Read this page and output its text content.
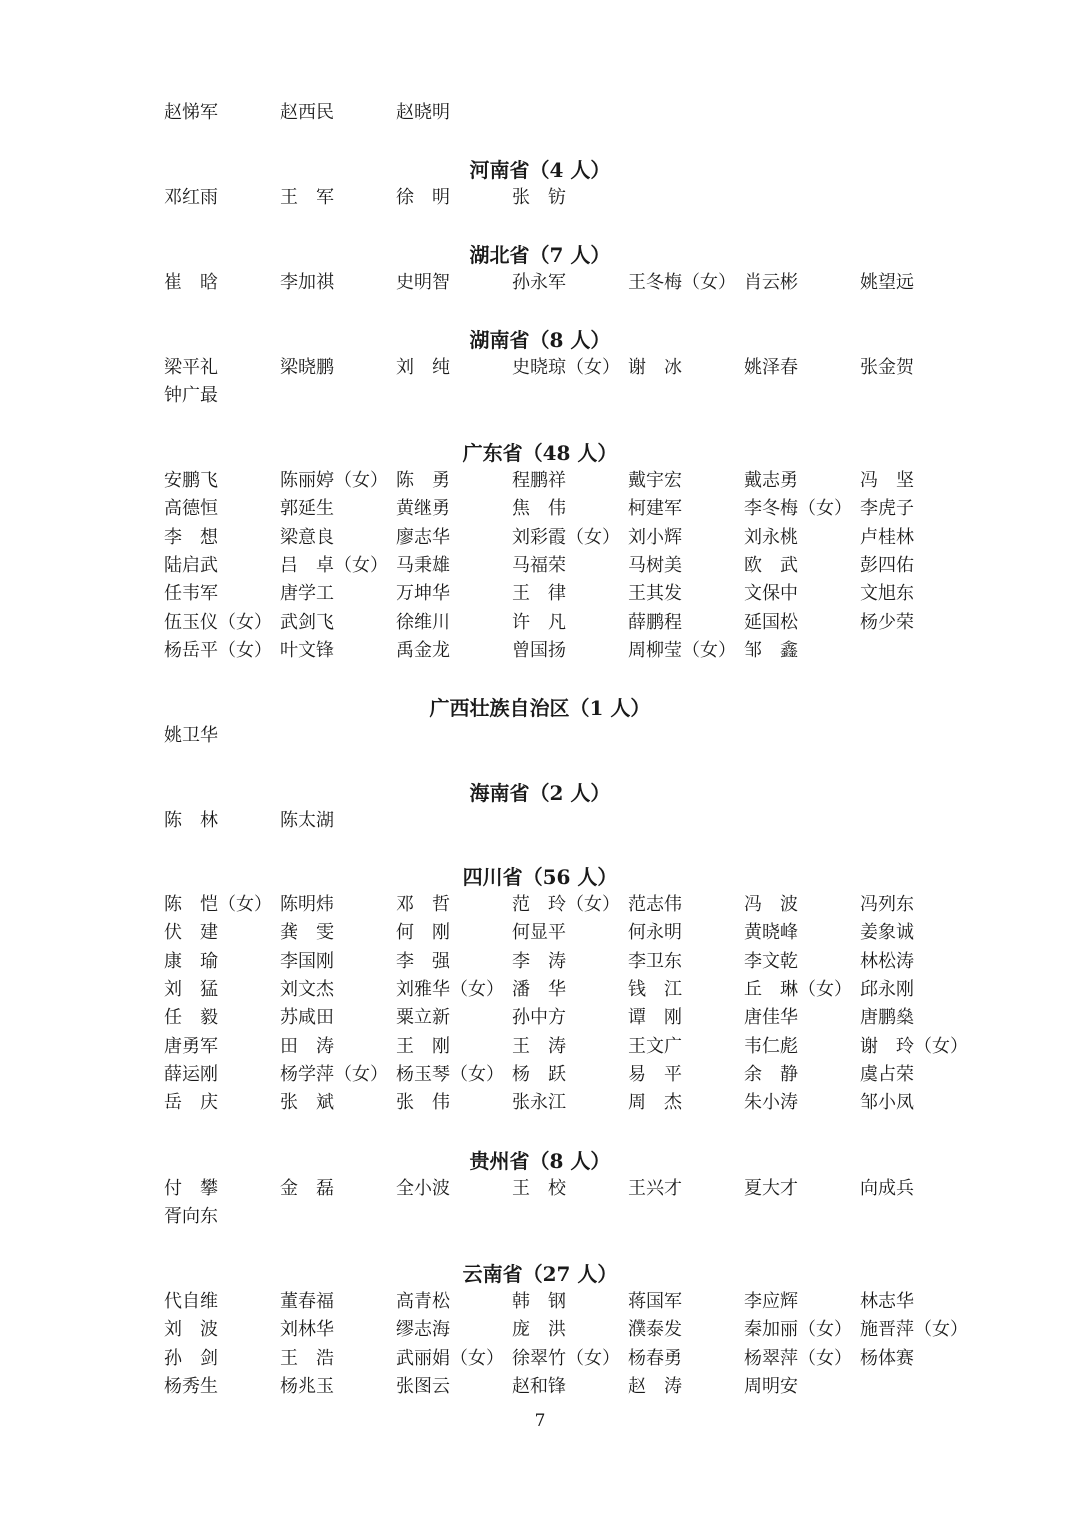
赵悌军	赵西民	赵晓明
河南省（4 人）
邓红雨	王　军	徐　明	张　钫
湖北省（7 人）
崔　晗	李加祺	史明智	孙永军	王冬梅（女） 肖云彬	姚望远
湖南省（8 人）
梁平礼	梁晓鹏	刘　纯	史晓琼（女） 谢　冰	姚泽春	张金贺
钟广最
广东省（48 人）
安鹏飞	陈丽婷（女） 陈　勇	程鹏祥	戴宇宏	戴志勇	冯　坚
高德恒	郭延生	黄继勇	焦　伟	柯建军	李冬梅（女） 李虎子
李　想	梁意良	廖志华	刘彩霞（女） 刘小辉	刘永桃	卢桂林
陆启武	吕　卓（女） 马秉雄	马福荣	马树美	欧　武	彭四佑
任韦军	唐学工	万坤华	王　律	王其发	文保中	文旭东
伍玉仪（女） 武剑飞	徐维川	许　凡	薛鹏程	延国松	杨少荣
杨岳平（女） 叶文锋	禹金龙	曾国扬	周柳莹（女） 邹　鑫
广西壮族自治区（1 人）
姚卫华
海南省（2 人）
陈　林	陈太湖
四川省（56 人）
陈　恺（女） 陈明炜	邓　哲	范　玲（女） 范志伟	冯　波	冯列东
伏　建	龚　雯	何　刚	何显平	何永明	黄晓峰	姜象诚
康　瑜	李国刚	李　强	李　涛	李卫东	李文乾	林松涛
刘　猛	刘文杰	刘雅华（女） 潘　华	钱　江	丘　琳（女） 邱永刚
任　毅	苏咸田	粟立新	孙中方	谭　刚	唐佳华	唐鹏燊
唐勇军	田　涛	王　刚	王　涛	王文广	韦仁彪	谢　玲（女）
薛运刚	杨学萍（女） 杨玉琴（女） 杨　跃	易　平	余　静	虞占荣
岳　庆	张　斌	张　伟	张永江	周　杰	朱小涛	邹小凤
贵州省（8 人）
付　攀	金　磊	全小波	王　校	王兴才	夏大才	向成兵
胥向东
云南省（27 人）
代自维	董春福	高青松	韩　钢	蒋国军	李应辉	林志华
刘　波	刘林华	缪志海	庞　洪	濮泰发	秦加丽（女） 施晋萍（女）
孙　剑	王　浩	武丽娟（女） 徐翠竹（女） 杨春勇	杨翠萍（女） 杨体赛
杨秀生	杨兆玉	张图云	赵和锋	赵　涛	周明安
7
